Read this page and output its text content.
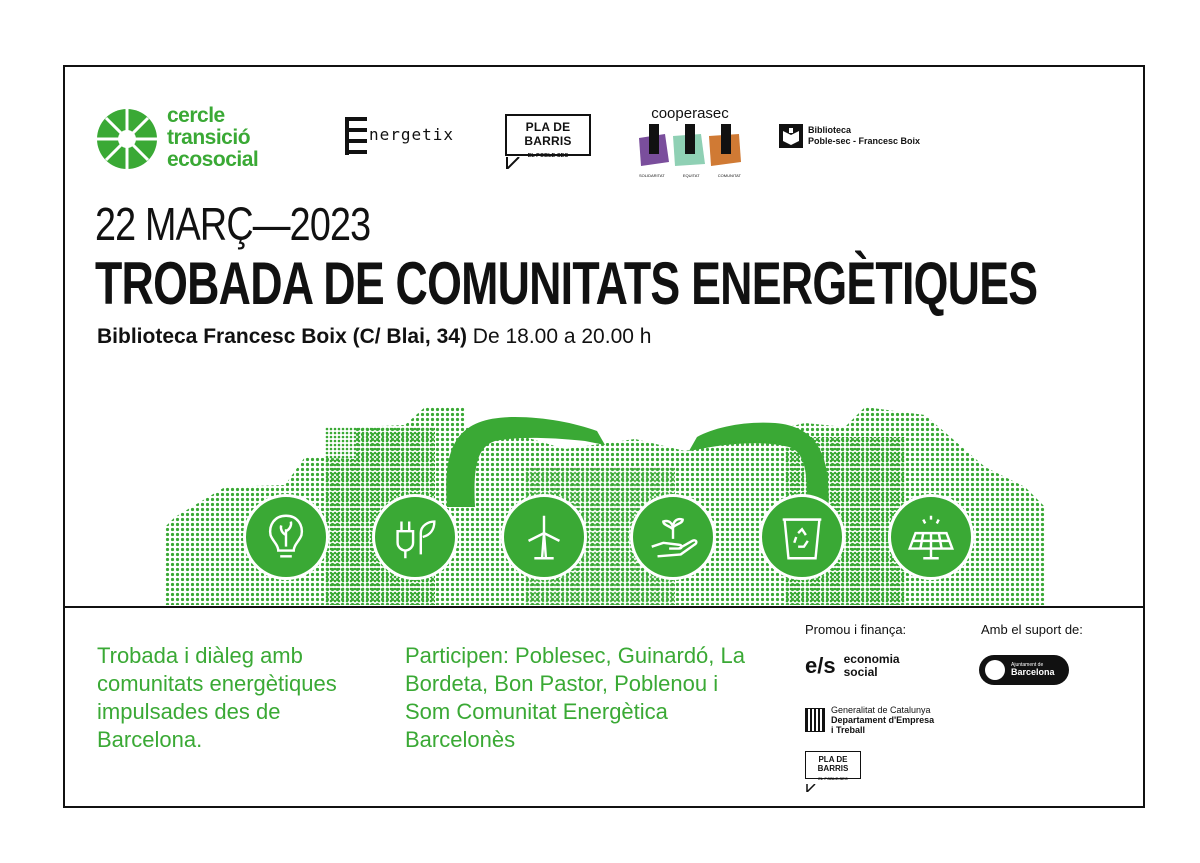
cercle
transició
ecosocial
nergetix	PLA DE BARRIS
EL POBLE-SEC
cooperasec
SOLIDARITAT	EQUITAT	COMUNITAT
Biblioteca
Poble-sec - Francesc Boix
22 MARÇ—2023
TROBADA DE COMUNITATS ENERGÈTIQUES
Biblioteca Francesc Boix (C/ Blai, 34) De 18.00 a 20.00 h
Trobada i diàleg amb comunitats energètiques impulsades des de Barcelona.
Participen: Poblesec, Guinardó, La Bordeta, Bon Pastor, Poblenou i Som Comunitat Energètica Barcelonès
Promou i finança:	Amb el suport de:
e/s economia
social
Generalitat de Catalunya
Departament d'Empresa
i Treball
PLA DE BARRIS
EL POBLE-SEC
Ajuntament de
Barcelona
